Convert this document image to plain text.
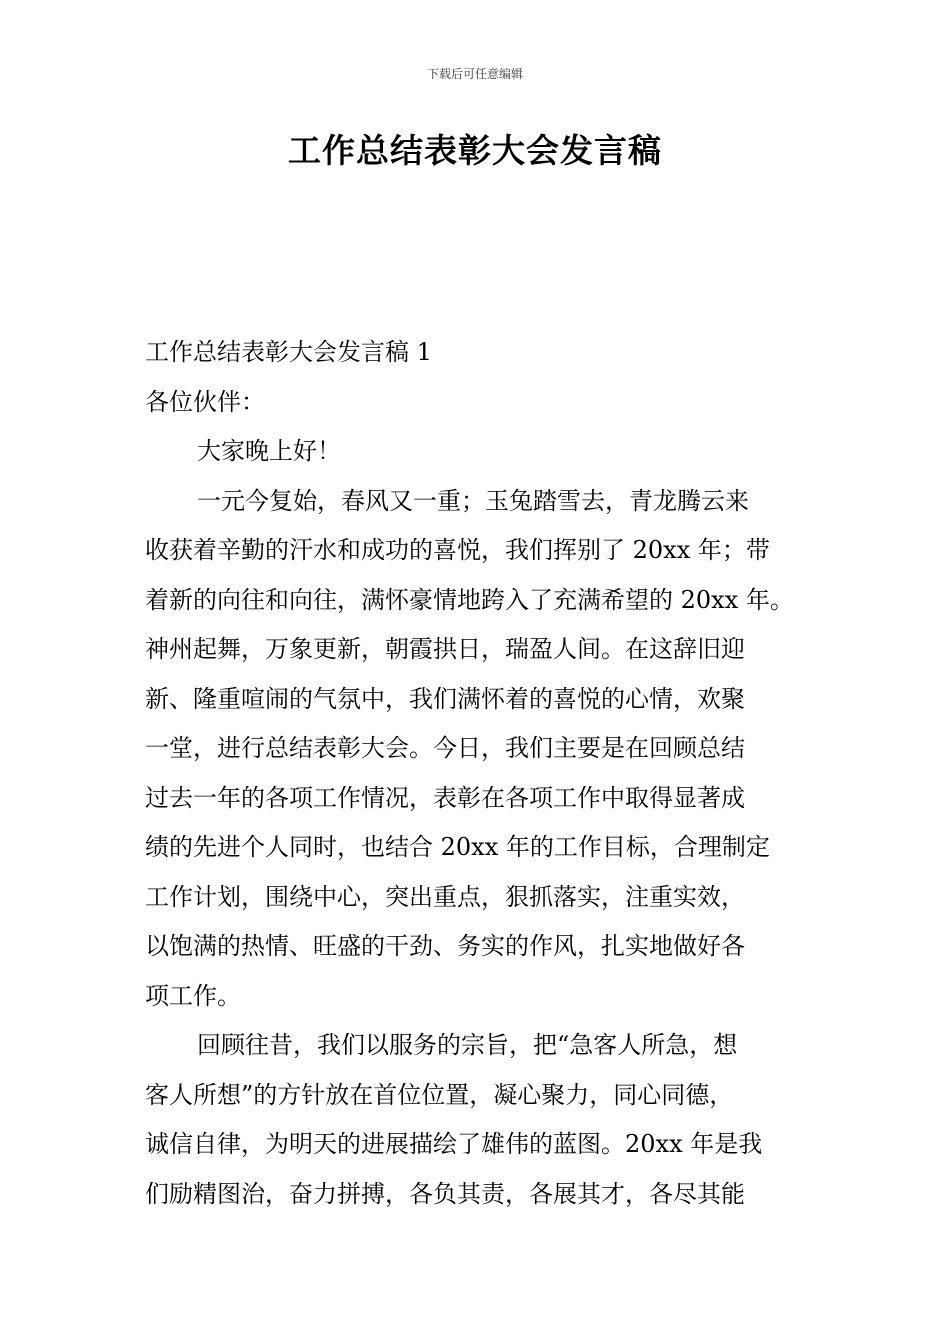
下载后可任意编辑
工作总结表彰大会发言稿
工作总结表彰大会发言稿 1
各位伙伴：
大家晚上好！
一元今复始，春风又一重；玉兔踏雪去，青龙腾云来
收获着辛勤的汗水和成功的喜悦，我们挥别了 20xx 年；带
着新的向往和向往，满怀豪情地跨入了充满希望的 20xx 年。
神州起舞，万象更新，朝霞拱日，瑞盈人间。在这辞旧迎
新、隆重喧闹的气氛中，我们满怀着的喜悦的心情，欢聚
一堂，进行总结表彰大会。今日，我们主要是在回顾总结
过去一年的各项工作情况，表彰在各项工作中取得显著成
绩的先进个人同时，也结合 20xx 年的工作目标，合理制定
工作计划，围绕中心，突出重点，狠抓落实，注重实效，
以饱满的热情、旺盛的干劲、务实的作风，扎实地做好各
项工作。
回顾往昔，我们以服务的宗旨，把“急客人所急，想
客人所想”的方针放在首位位置，凝心聚力，同心同德，
诚信自律，为明天的进展描绘了雄伟的蓝图。20xx 年是我
们励精图治，奋力拼搏，各负其责，各展其才，各尽其能
